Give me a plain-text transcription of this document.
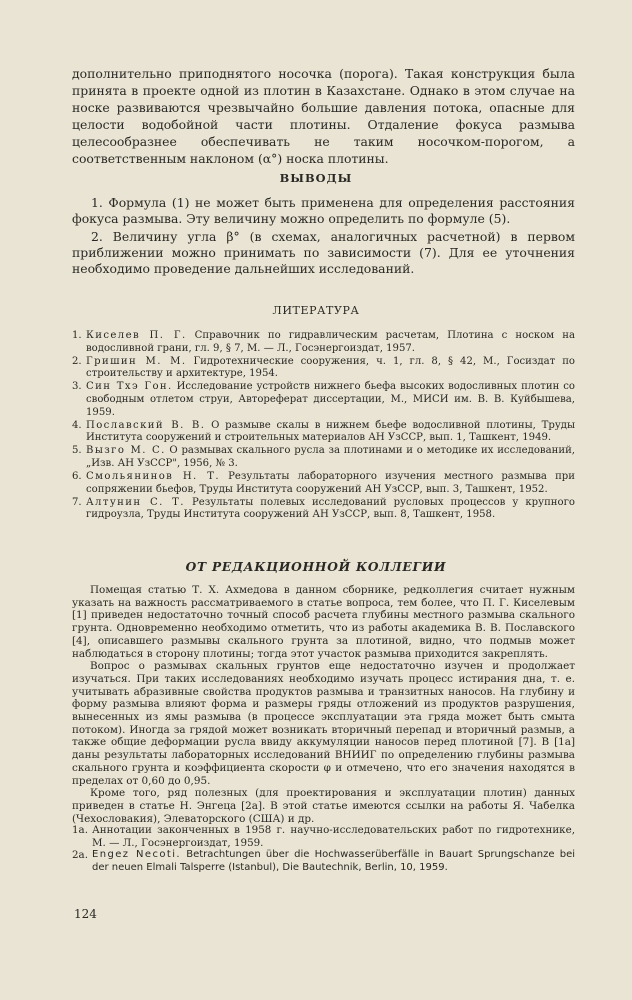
дополнительно приподнятого носочка (порога). Такая конструкция была принята в проекте одной из плотин в Казахстане. Однако в этом случае на носке развиваются чрезвычайно большие давления потока, опасные для целости водобойной части плотины. Отдаление фокуса размыва целесообразнее обеспечивать не таким носочком-порогом, а соответственным наклоном (α°) носка плотины.
ВЫВОДЫ

1. Формула (1) не может быть применена для определения расстояния фокуса размыва. Эту величину можно определить по формуле (5).

2. Величину угла β° (в схемах, аналогичных расчетной) в первом приближении можно принимать по зависимости (7). Для ее уточнения необходимо проведение дальнейших исследований.

ЛИТЕРАТУРА
1. Киселев П. Г. Справочник по гидравлическим расчетам, Плотина с носком на водосливной грани, гл. 9, § 7, М. — Л., Госэнергоиздат, 1957.
2. Гришин М. М. Гидротехнические сооружения, ч. 1, гл. 8, § 42, М., Госиздат по строительству и архитектуре, 1954.
3. Син Тхэ Гон. Исследование устройств нижнего бьефа высоких водосливных плотин со свободным отлетом струи, Автореферат диссертации, М., МИСИ им. В. В. Куйбышева, 1959.
4. Пославский В. В. О размыве скалы в нижнем бьефе водосливной плотины, Труды Института сооружений и строительных материалов АН УзССР, вып. 1, Ташкент, 1949.
5. Вызго М. С. О размывах скального русла за плотинами и о методике их исследований, „Изв. АН УзССР", 1956, № 3.
6. Смольянинов Н. Т. Результаты лабораторного изучения местного размыва при сопряжении бьефов, Труды Института сооружений АН УзССР, вып. 3, Ташкент, 1952.
7. Алтунин С. Т. Результаты полевых исследований русловых процессов у крупного гидроузла, Труды Института сооружений АН УзССР, вып. 8, Ташкент, 1958.
ОТ РЕДАКЦИОННОЙ КОЛЛЕГИИ

Помещая статью Т. Х. Ахмедова в данном сборнике, редколлегия считает нужным указать на важность рассматриваемого в статье вопроса, тем более, что П. Г. Киселевым [1] приведен недостаточно точный способ расчета глубины местного размыва скального грунта. Одновременно необходимо отметить, что из работы академика В. В. Пославского [4], описавшего размывы скального грунта за плотиной, видно, что подмыв может наблюдаться в сторону плотины; тогда этот участок размыва приходится закреплять.

Вопрос о размывах скальных грунтов еще недостаточно изучен и продолжает изучаться. При таких исследованиях необходимо изучать процесс истирания дна, т. е. учитывать абразивные свойства продуктов размыва и транзитных наносов. На глубину и форму размыва влияют форма и размеры гряды отложений из продуктов разрушения, вынесенных из ямы размыва (в процессе эксплуатации эта гряда может быть смыта потоком). Иногда за грядой может возникать вторичный перепад и вторичный размыв, а также общие деформации русла ввиду аккумуляции наносов перед плотиной [7]. В [1а] даны результаты лабораторных исследований ВНИИГ по определению глубины размыва скального грунта и коэффициента скорости φ и отмечено, что его значения находятся в пределах от 0,60 до 0,95.

Кроме того, ряд полезных (для проектирования и эксплуатации плотин) данных приведен в статье Н. Энгеца [2а]. В этой статье имеются ссылки на работы Я. Чабелка (Чехословакия), Элеваторского (США) и др.

1а. Аннотации законченных в 1958 г. научно-исследовательских работ по гидротехнике, М. — Л., Госэнергоиздат, 1959.
2а. Engez Necoti. Betrachtungen über die Hochwasserüberfälle in Bauart Sprungschanze bei der neuen Elmali Talsperre (Istanbul), Die Bautechnik, Berlin, 10, 1959.
124
